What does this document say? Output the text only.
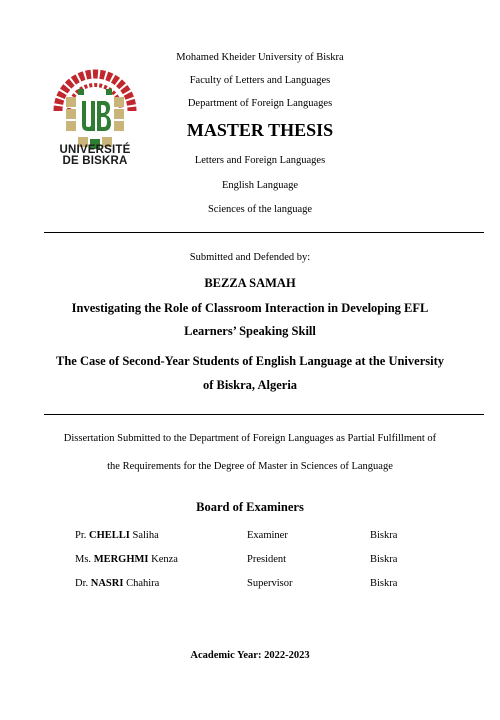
UNIVERSITÉ
DE BISKRA
Mohamed Kheider University of Biskra
Faculty of Letters and Languages
Department of Foreign Languages
MASTER THESIS
Letters and Foreign Languages
English Language
Sciences of the language
Submitted and Defended by:
BEZZA SAMAH
Investigating the Role of Classroom Interaction in Developing EFL
Learners’ Speaking Skill
The Case of Second-Year Students of English Language at the University
of Biskra, Algeria
Dissertation Submitted to the Department of Foreign Languages as Partial Fulfillment of
the Requirements for the Degree of Master in Sciences of Language
Board of Examiners
Pr. CHELLI Saliha	Examiner	Biskra
Ms. MERGHMI Kenza	President	Biskra
Dr. NASRI Chahira	Supervisor	Biskra
Academic Year: 2022-2023
